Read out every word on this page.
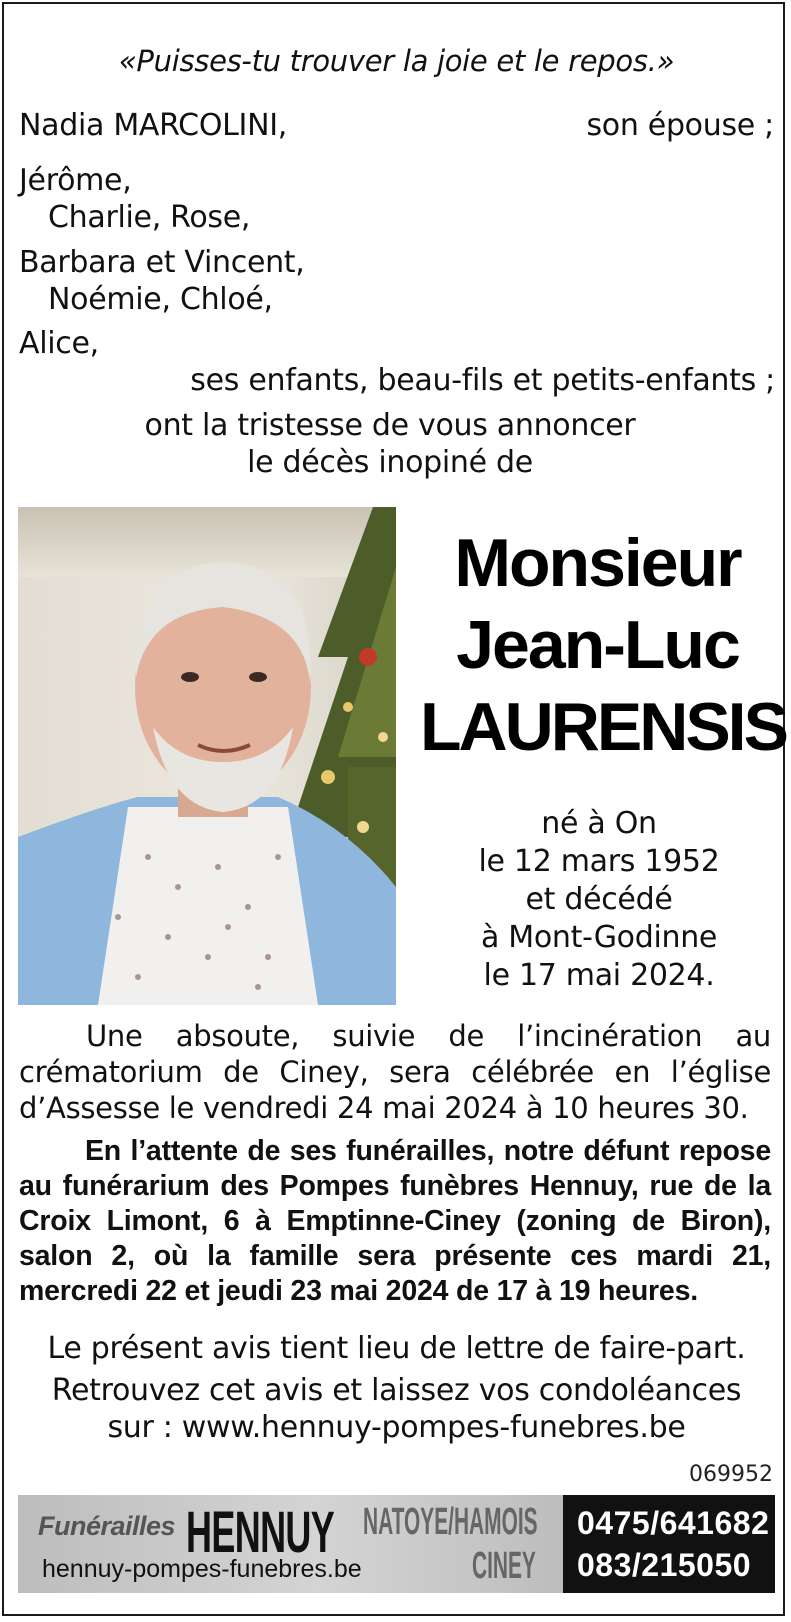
«Puisses-tu trouver la joie et le repos.»
Nadia MARCOLINI,	son épouse ;
Jérôme,
Charlie, Rose,
Barbara et Vincent,
Noémie, Chloé,
Alice,
ses enfants, beau-fils et petits-enfants ;
ont la tristesse de vous annoncer
le décès inopiné de
Monsieur
Jean-Luc
LAURENSIS
né à On
le 12 mars 1952
et décédé
à Mont-Godinne
le 17 mai 2024.
Une absoute, suivie de l’incinération au crématorium de Ciney, sera célébrée en l’église d’Assesse le vendredi 24 mai 2024 à 10 heures 30.
En l’attente de ses funérailles, notre défunt repose au funérarium des Pompes funèbres Hennuy, rue de la Croix Limont, 6 à Emptinne-Ciney (zoning de Biron), salon 2, où la famille sera présente ces mardi 21, mercredi 22 et jeudi 23 mai 2024 de 17 à 19 heures.
Le présent avis tient lieu de lettre de faire-part.
Retrouvez cet avis et laissez vos condoléances
sur : www.hennuy-pompes-funebres.be
069952
Funérailles HENNUY NATOYE/HAMOIS
CINEY
hennuy-pompes-funebres.be
0475/641682
083/215050
